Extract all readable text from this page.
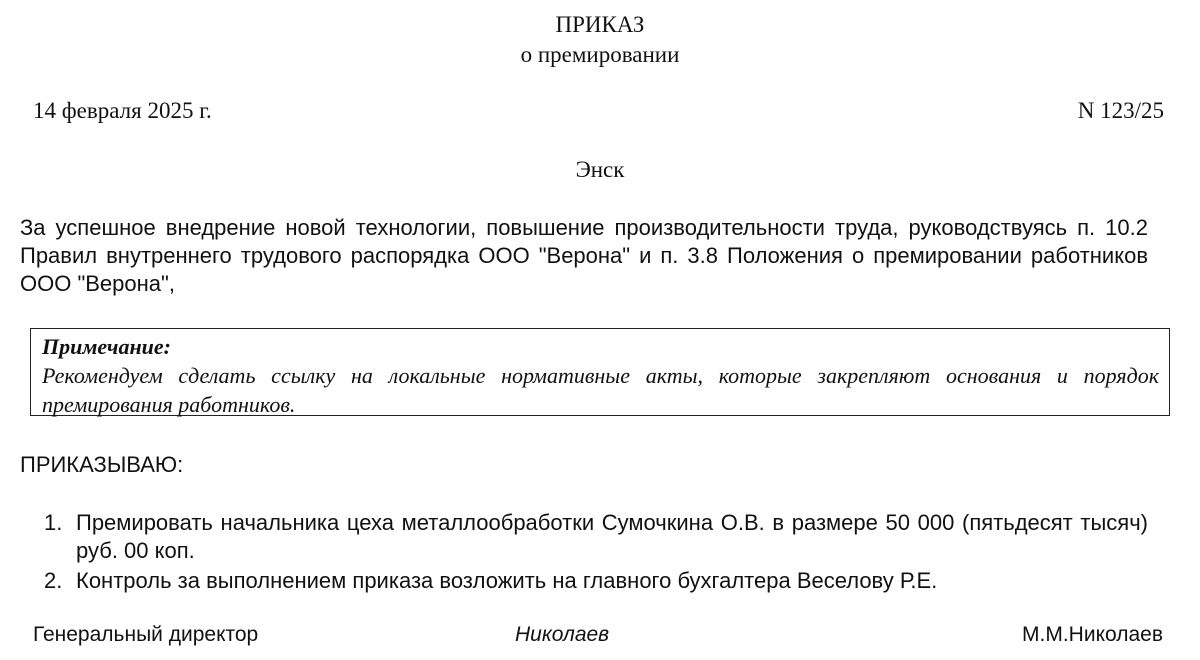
ПРИКАЗ
о премировании
14 февраля 2025 г.	N 123/25
Энск

За успешное внедрение новой технологии, повышение производительности труда, руководствуясь п. 10.2 Правил внутреннего трудового распорядка ООО "Верона" и п. 3.8 Положения о премировании работников ООО "Верона",

Примечание:
Рекомендуем сделать ссылку на локальные нормативные акты, которые закрепляют основания и порядок премирования работников.
ПРИКАЗЫВАЮ:
1. Премировать начальника цеха металлообработки Сумочкина О.В. в размере 50 000 (пятьдесят тысяч) руб. 00 коп.
2. Контроль за выполнением приказа возложить на главного бухгалтера Веселову Р.Е.
Генеральный директор	Николаев	М.М.Николаев
